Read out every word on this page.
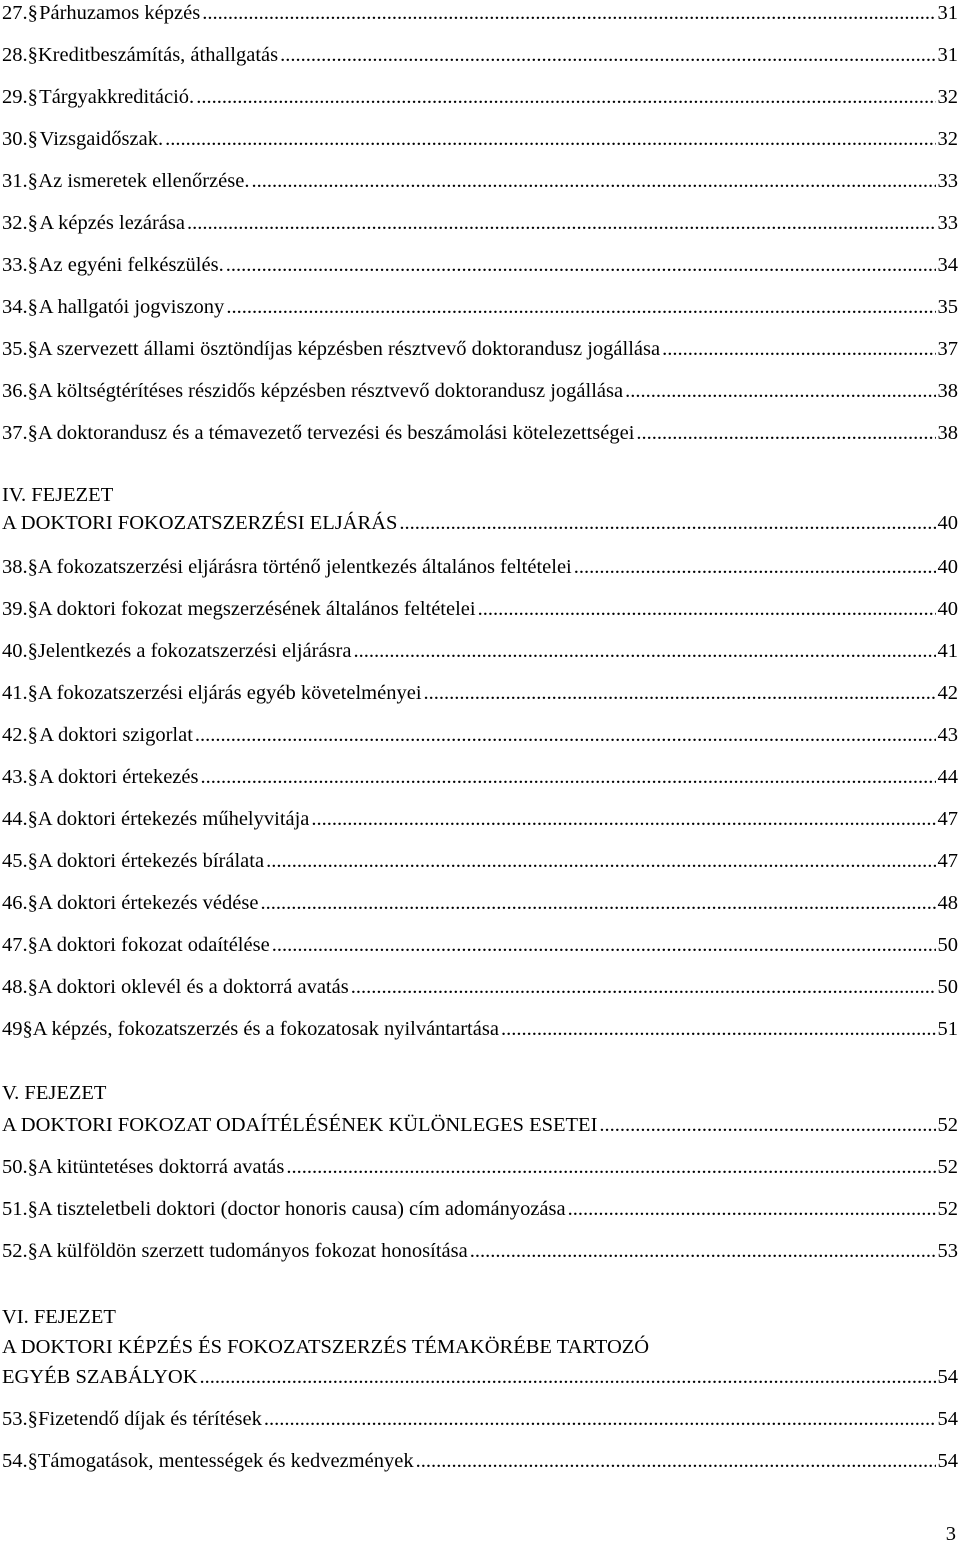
27. § Párhuzamos képzés .....	31
28. § Kreditbeszámítás, áthallgatás .....	31
29. § Tárgyakkreditáció. .....	32
30. § Vizsgaidőszak. .....	32
31. § Az ismeretek ellenőrzése. .....	33
32. § A képzés lezárása .....	33
33. § Az egyéni felkészülés. .....	34
34. § A hallgatói jogviszony .....	35
35. § A szervezett állami ösztöndíjas képzésben résztvevő doktorandusz jogállása .....	37
36. § A költségtérítéses részidős képzésben résztvevő doktorandusz jogállása .....	38
37. § A doktorandusz és a témavezető tervezési és beszámolási kötelezettségei .....	38
IV. FEJEZET
A DOKTORI FOKOZATSZERZÉSI ELJÁRÁS .....	40
38. § A fokozatszerzési eljárásra történő jelentkezés általános feltételei .....	40
39. § A doktori fokozat megszerzésének általános feltételei .....	40
40. § Jelentkezés a fokozatszerzési eljárásra .....	41
41. § A fokozatszerzési eljárás egyéb követelményei .....	42
42. § A doktori szigorlat .....	43
43. § A doktori értekezés .....	44
44. § A doktori értekezés műhelyvitája .....	47
45. § A doktori értekezés bírálata .....	47
46. § A doktori értekezés védése .....	48
47. § A doktori fokozat odaítélése .....	50
48. § A doktori oklevél és a doktorrá avatás .....	50
49 § A képzés, fokozatszerzés és a fokozatosak nyilvántartása .....	51
V. FEJEZET
A DOKTORI FOKOZAT ODAÍTÉLÉSÉNEK KÜLÖNLEGES ESETEI .....	52
50. § A kitüntetéses doktorrá avatás .....	52
51. § A tiszteletbeli doktori (doctor honoris causa) cím adományozása .....	52
52. § A külföldön szerzett tudományos fokozat honosítása .....	53
VI. FEJEZET
A DOKTORI KÉPZÉS ÉS FOKOZATSZERZÉS TÉMAKÖRÉBE TARTOZÓ
EGYÉB SZABÁLYOK .....	54
53. § Fizetendő díjak és térítések .....	54
54. § Támogatások, mentességek és kedvezmények .....	54
3
